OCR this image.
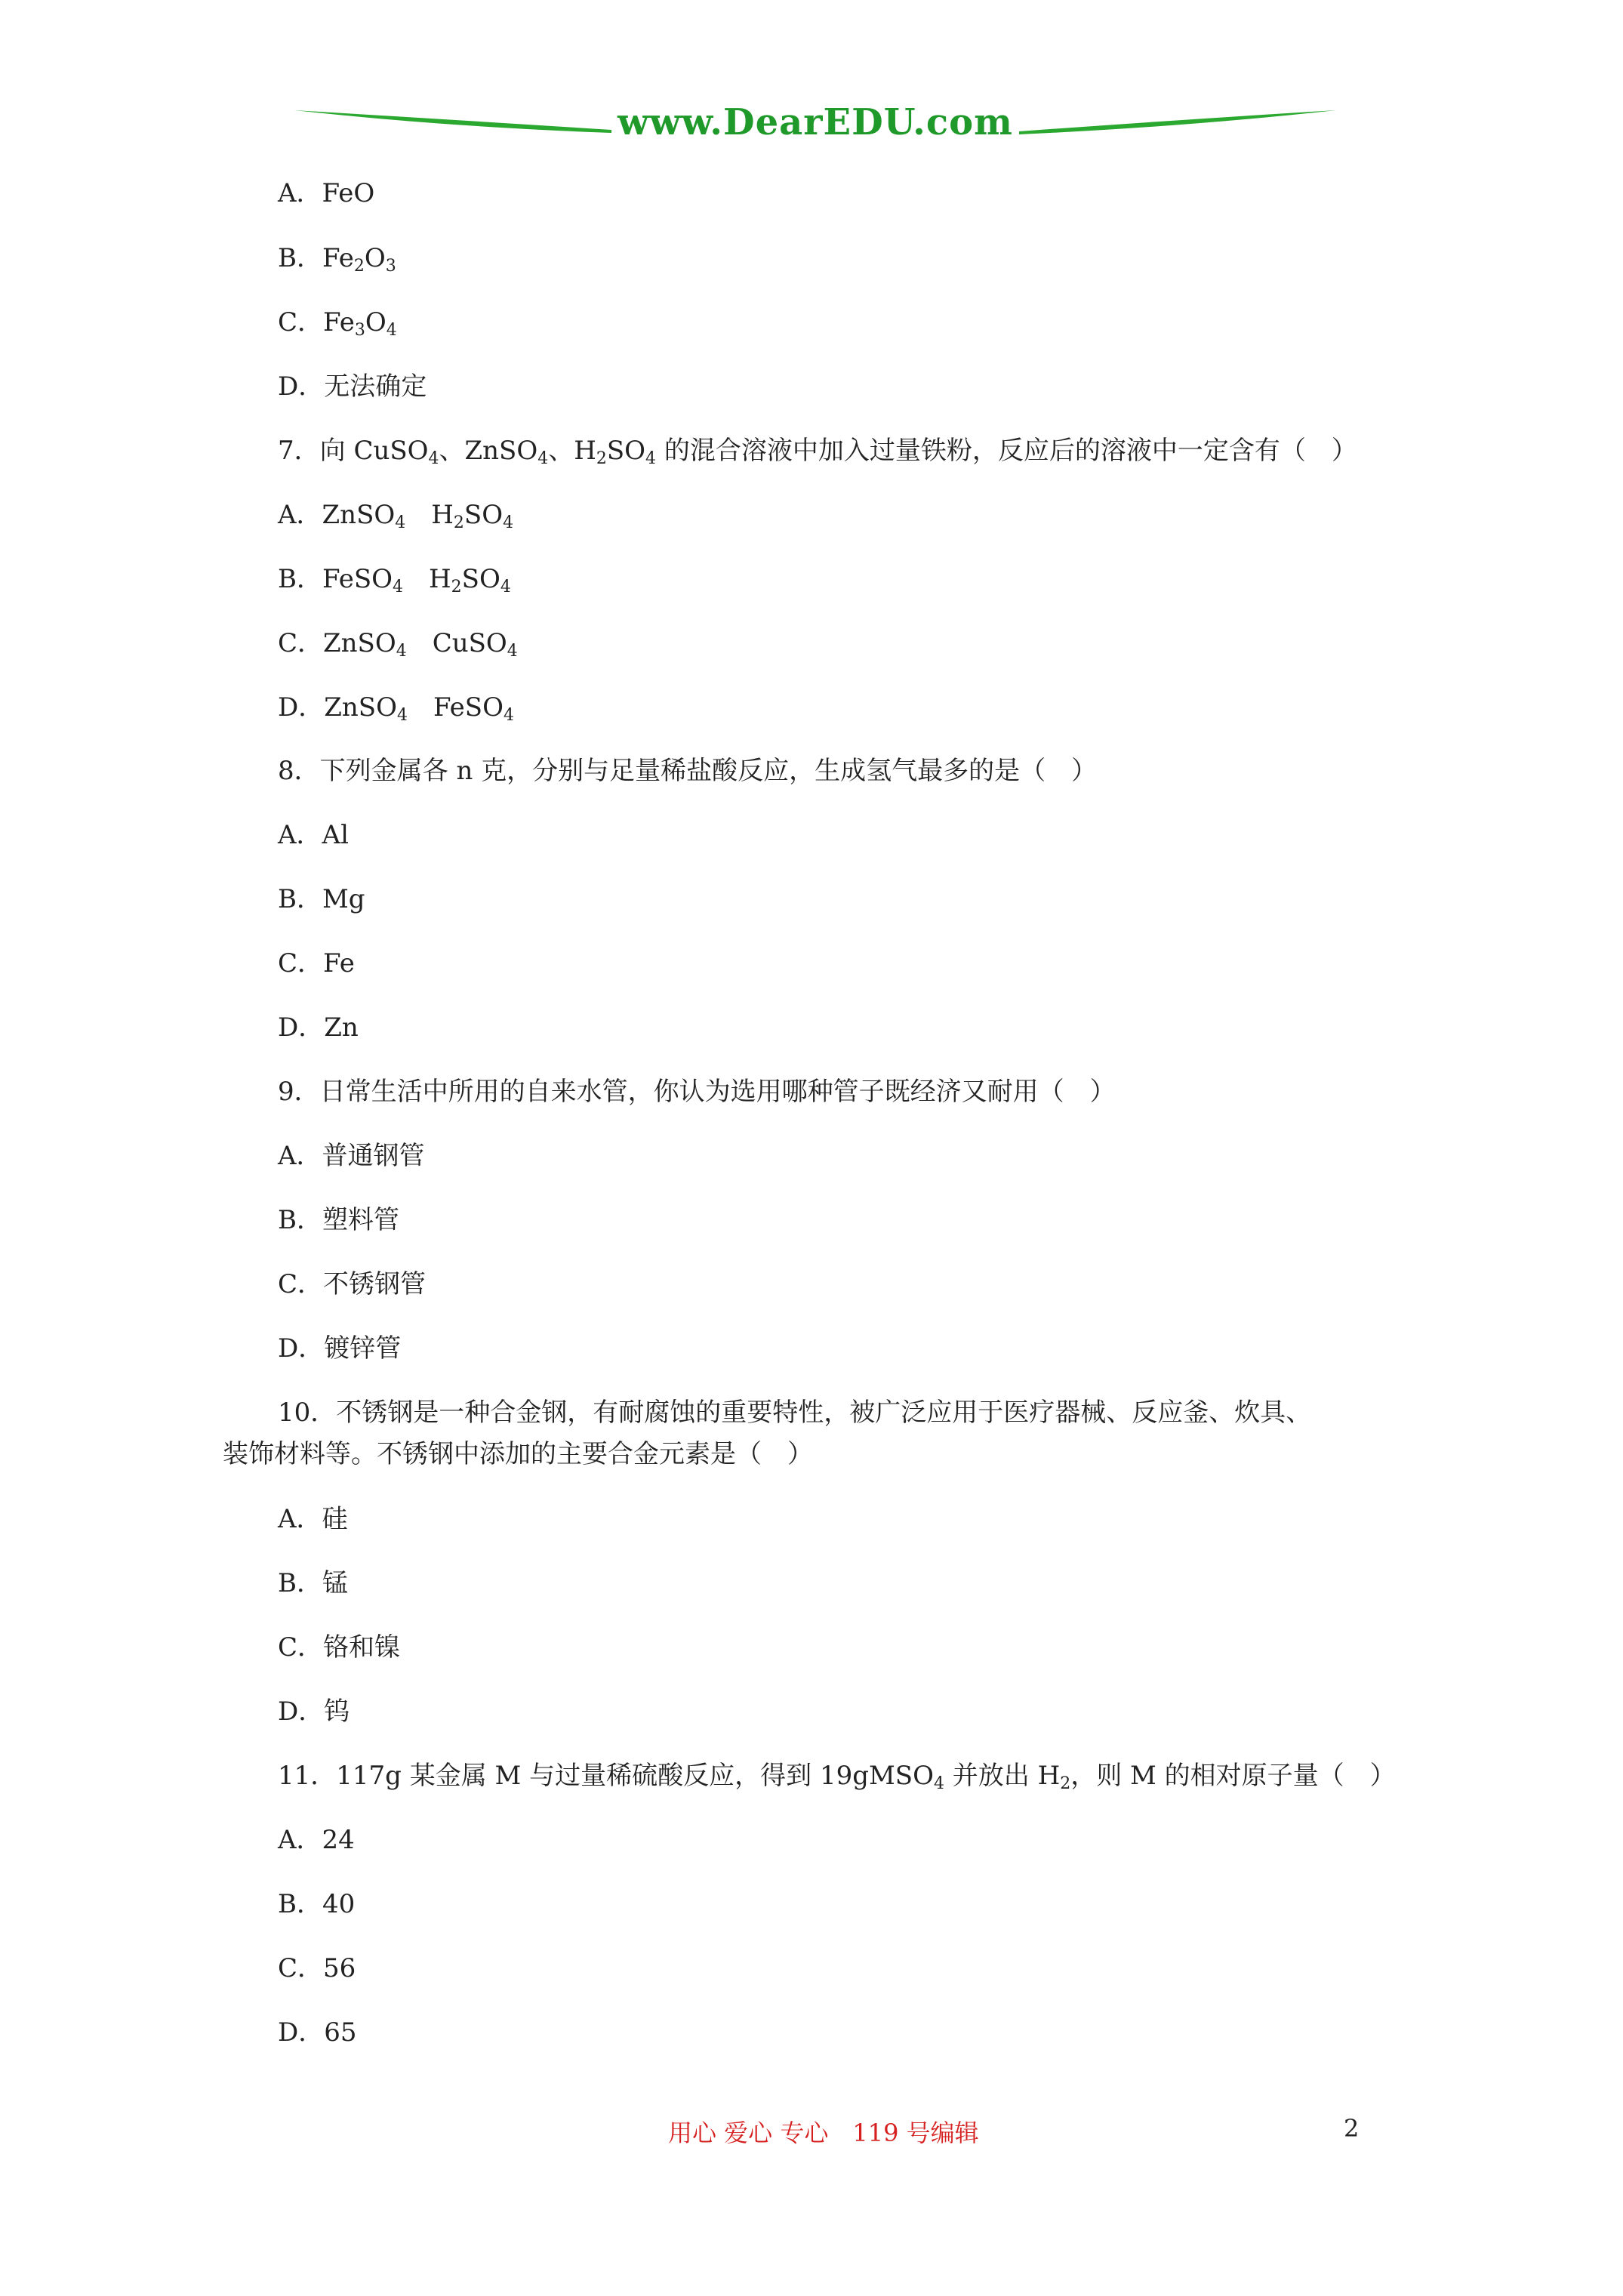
www.DearEDU.com
A．FeO
B．$Fe_2O_3$
C．$Fe_3O_4$
D．无法确定
7．向 CuSO$_4$、ZnSO$_4$、$H_2SO_4$ 的混合溶液中加入过量铁粉，反应后的溶液中一定含有（　）
A．ZnSO$_4$　$H_2SO_4$
B．FeSO$_4$　$H_2SO_4$
C．ZnSO$_4$　CuSO$_4$
D．ZnSO$_4$　FeSO$_4$
8．下列金属各 n 克，分别与足量稀盐酸反应，生成氢气最多的是（　）
A．Al
B．Mg
C．Fe
D．Zn
9．日常生活中所用的自来水管，你认为选用哪种管子既经济又耐用（　）
A．普通钢管
B．塑料管
C．不锈钢管
D．镀锌管
10．不锈钢是一种合金钢，有耐腐蚀的重要特性，被广泛应用于医疗器械、反应釜、炊具、
装饰材料等。不锈钢中添加的主要合金元素是（　）
A．硅
B．锰
C．铬和镍
D．钨
11．117g 某金属 M 与过量稀硫酸反应，得到 19gMSO$_4$ 并放出 $H_2$，则 M 的相对原子量（　）
A．24
B．40
C．56
D．65
用心 爱心 专心　119 号编辑	2
